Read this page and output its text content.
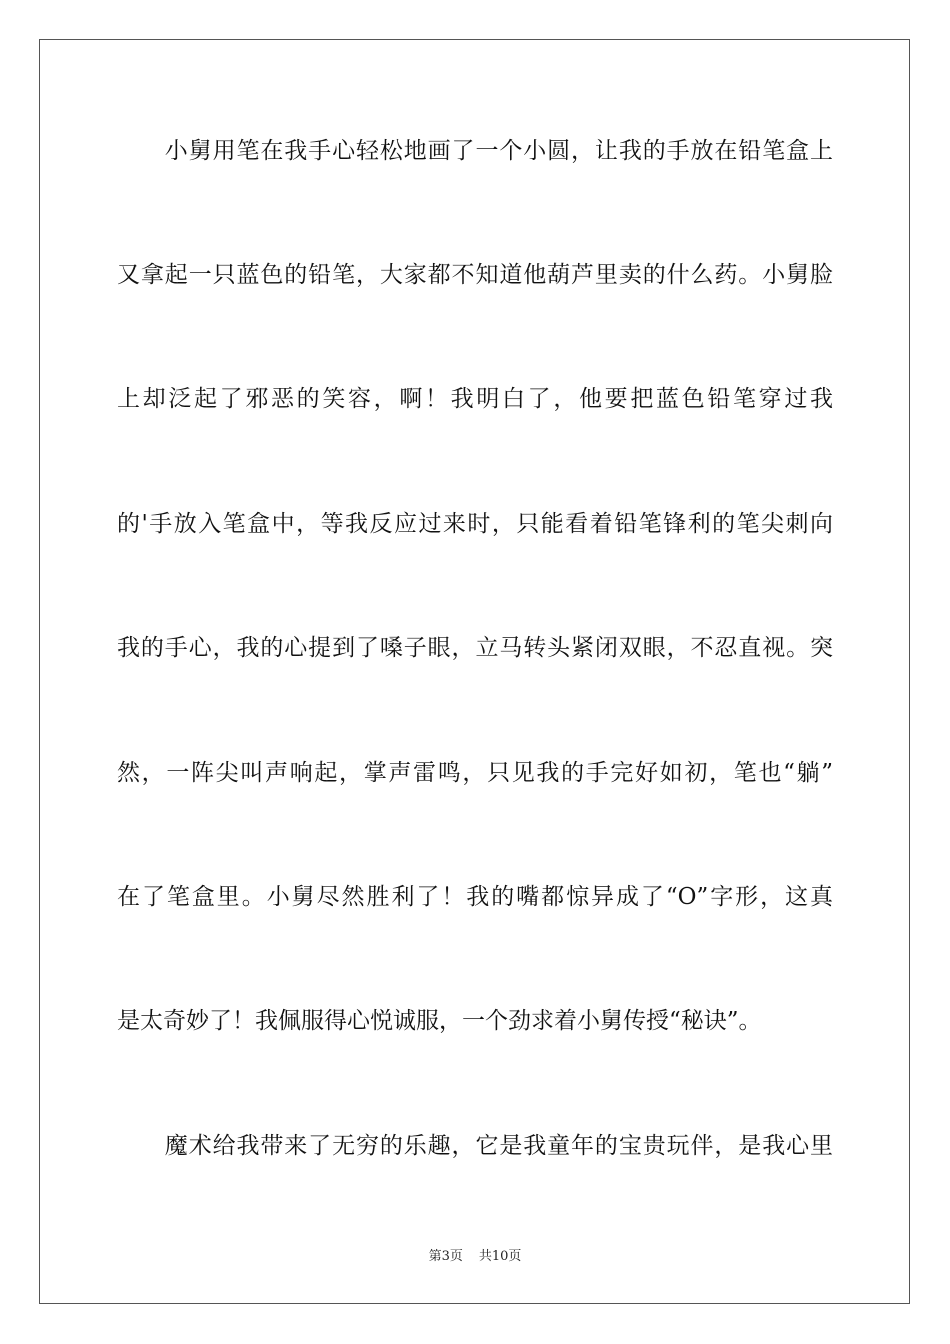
　　小舅用笔在我手心轻松地画了一个小圆，让我的手放在铅笔盒上
又拿起一只蓝色的铅笔，大家都不知道他葫芦里卖的什么药。小舅脸
上却泛起了邪恶的笑容，啊！我明白了，他要把蓝色铅笔穿过我
的'手放入笔盒中，等我反应过来时，只能看着铅笔锋利的笔尖刺向
我的手心，我的心提到了嗓子眼，立马转头紧闭双眼，不忍直视。突
然，一阵尖叫声响起，掌声雷鸣，只见我的手完好如初，笔也“躺”
在了笔盒里。小舅尽然胜利了！我的嘴都惊异成了“O”字形，这真
是太奇妙了！我佩服得心悦诚服，一个劲求着小舅传授“秘诀”。
　　魔术给我带来了无穷的乐趣，它是我童年的宝贵玩伴，是我心里
第3页 共10页
